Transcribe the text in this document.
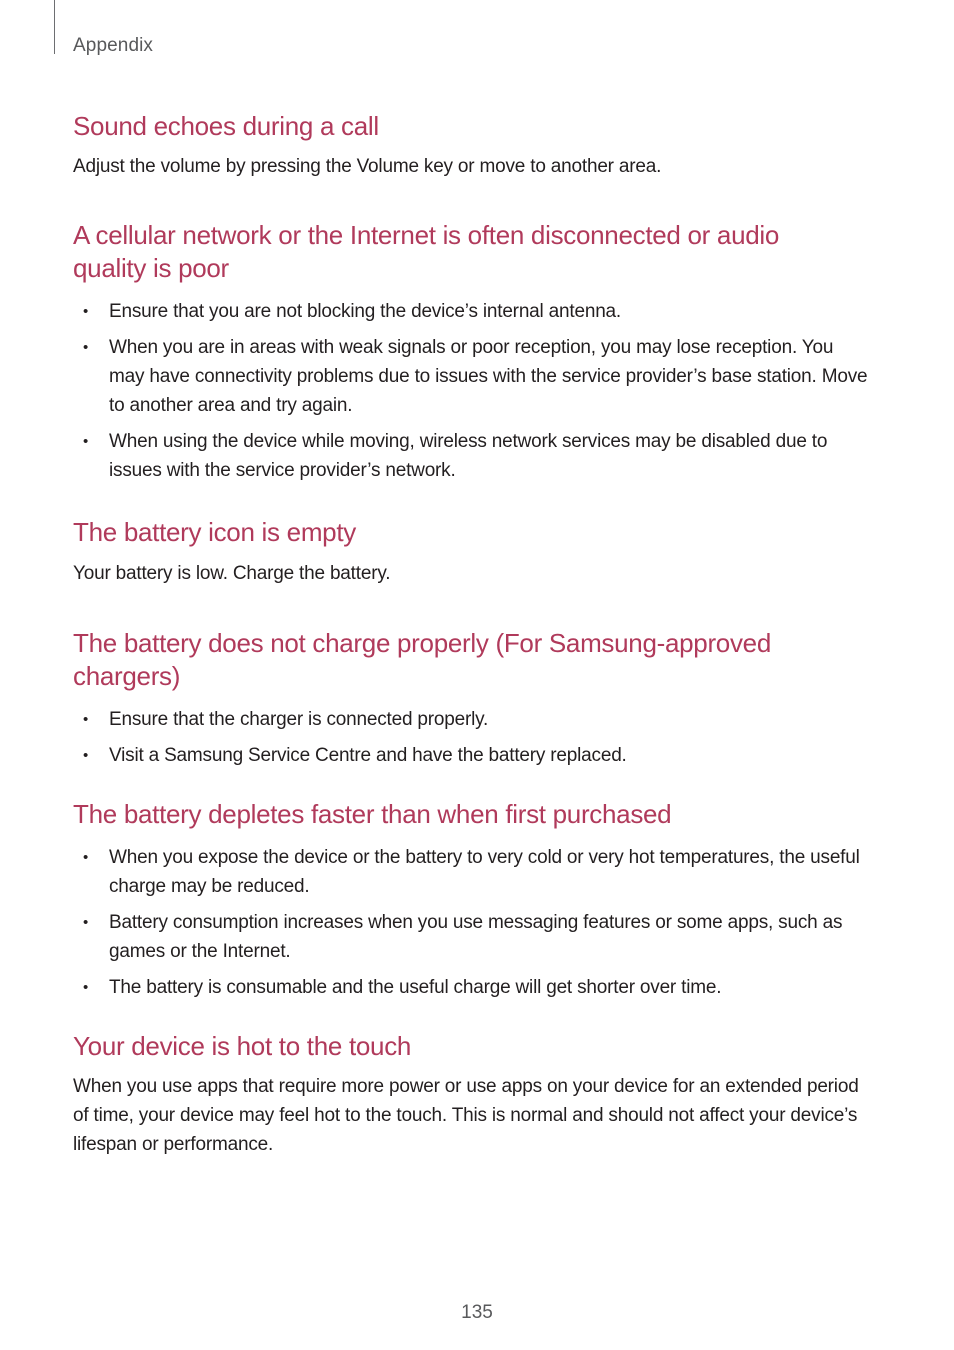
Appendix
Sound echoes during a call

Adjust the volume by pressing the Volume key or move to another area.

A cellular network or the Internet is often disconnected or audio
quality is poor
• Ensure that you are not blocking the device’s internal antenna.
• When you are in areas with weak signals or poor reception, you may lose reception. You may have connectivity problems due to issues with the service provider’s base station. Move to another area and try again.
• When using the device while moving, wireless network services may be disabled due to issues with the service provider’s network.
The battery icon is empty

Your battery is low. Charge the battery.

The battery does not charge properly (For Samsung-approved
chargers)
• Ensure that the charger is connected properly.
• Visit a Samsung Service Centre and have the battery replaced.
The battery depletes faster than when first purchased
• When you expose the device or the battery to very cold or very hot temperatures, the useful charge may be reduced.
• Battery consumption increases when you use messaging features or some apps, such as games or the Internet.
• The battery is consumable and the useful charge will get shorter over time.
Your device is hot to the touch

When you use apps that require more power or use apps on your device for an extended period of time, your device may feel hot to the touch. This is normal and should not affect your device’s lifespan or performance.

135
